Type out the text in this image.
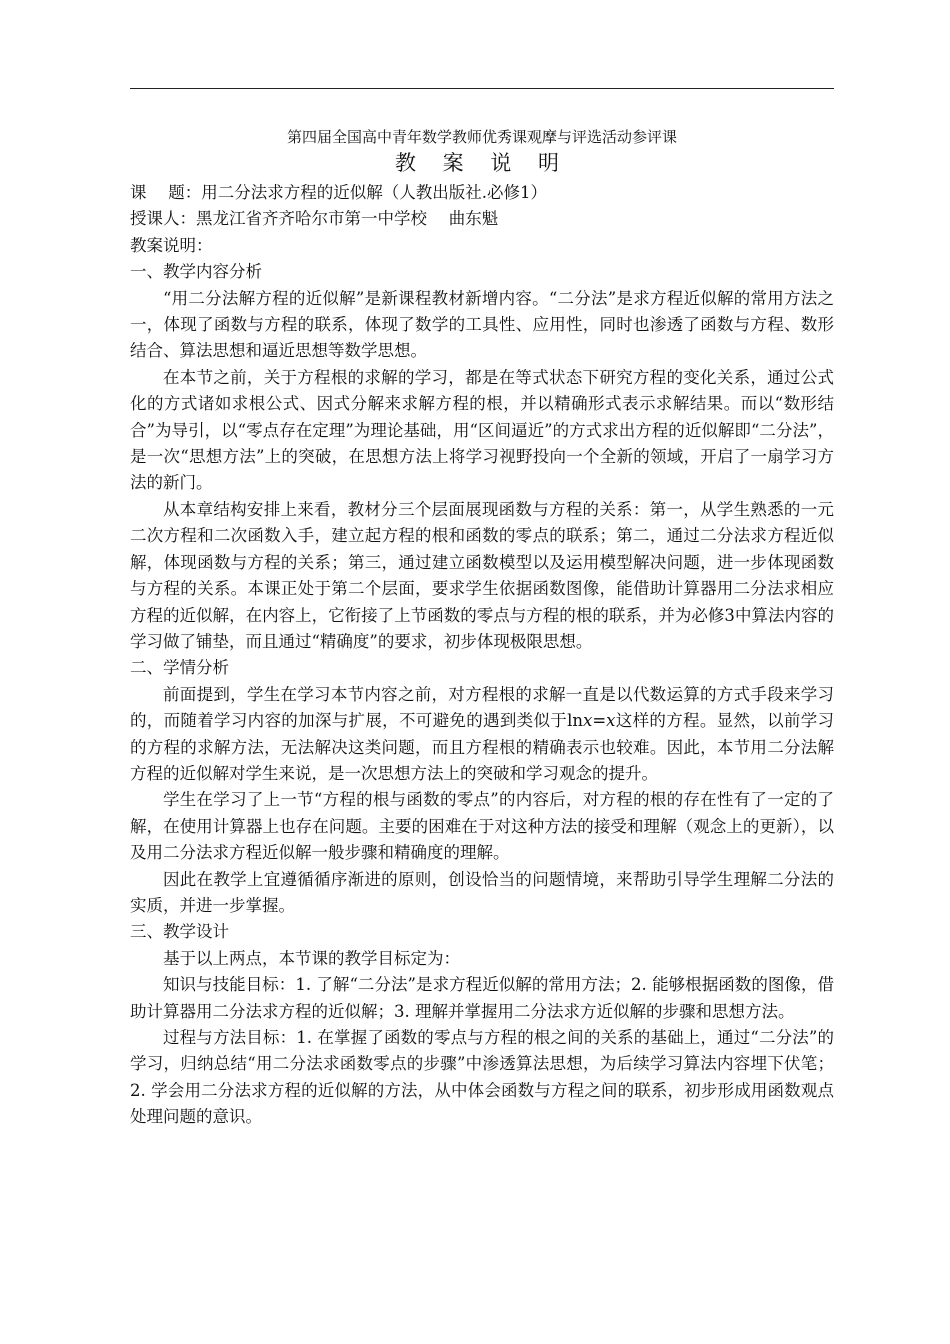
第四届全国高中青年数学教师优秀课观摩与评选活动参评课
教 案 说 明
课　 题：用二分法求方程的近似解（人教出版社.必修1）
授课人：黑龙江省齐齐哈尔市第一中学校　 曲东魁
教案说明：
一、教学内容分析

“用二分法解方程的近似解”是新课程教材新增内容。“二分法”是求方程近似解的常用方法之一，体现了函数与方程的联系，体现了数学的工具性、应用性，同时也渗透了函数与方程、数形结合、算法思想和逼近思想等数学思想。

在本节之前，关于方程根的求解的学习，都是在等式状态下研究方程的变化关系，通过公式化的方式诸如求根公式、因式分解来求解方程的根，并以精确形式表示求解结果。而以“数形结合”为导引，以“零点存在定理”为理论基础，用“区间逼近”的方式求出方程的近似解即“二分法”，是一次“思想方法”上的突破，在思想方法上将学习视野投向一个全新的领域，开启了一扇学习方法的新门。

从本章结构安排上来看，教材分三个层面展现函数与方程的关系：第一，从学生熟悉的一元二次方程和二次函数入手，建立起方程的根和函数的零点的联系；第二，通过二分法求方程近似解，体现函数与方程的关系；第三，通过建立函数模型以及运用模型解决问题，进一步体现函数与方程的关系。本课正处于第二个层面，要求学生依据函数图像，能借助计算器用二分法求相应方程的近似解，在内容上，它衔接了上节函数的零点与方程的根的联系，并为必修3中算法内容的学习做了铺垫，而且通过“精确度”的要求，初步体现极限思想。

二、学情分析

前面提到，学生在学习本节内容之前，对方程根的求解一直是以代数运算的方式手段来学习的，而随着学习内容的加深与扩展，不可避免的遇到类似于lnx=x这样的方程。显然，以前学习的方程的求解方法，无法解决这类问题，而且方程根的精确表示也较难。因此，本节用二分法解方程的近似解对学生来说，是一次思想方法上的突破和学习观念的提升。

学生在学习了上一节“方程的根与函数的零点”的内容后，对方程的根的存在性有了一定的了解，在使用计算器上也存在问题。主要的困难在于对这种方法的接受和理解（观念上的更新），以及用二分法求方程近似解一般步骤和精确度的理解。

因此在教学上宜遵循循序渐进的原则，创设恰当的问题情境，来帮助引导学生理解二分法的实质，并进一步掌握。

三、教学设计

基于以上两点，本节课的教学目标定为：

知识与技能目标：1. 了解“二分法”是求方程近似解的常用方法；2. 能够根据函数的图像，借助计算器用二分法求方程的近似解；3. 理解并掌握用二分法求方近似解的步骤和思想方法。

过程与方法目标：1. 在掌握了函数的零点与方程的根之间的关系的基础上，通过“二分法”的学习，归纳总结“用二分法求函数零点的步骤”中渗透算法思想，为后续学习算法内容埋下伏笔；2. 学会用二分法求方程的近似解的方法，从中体会函数与方程之间的联系，初步形成用函数观点处理问题的意识。
